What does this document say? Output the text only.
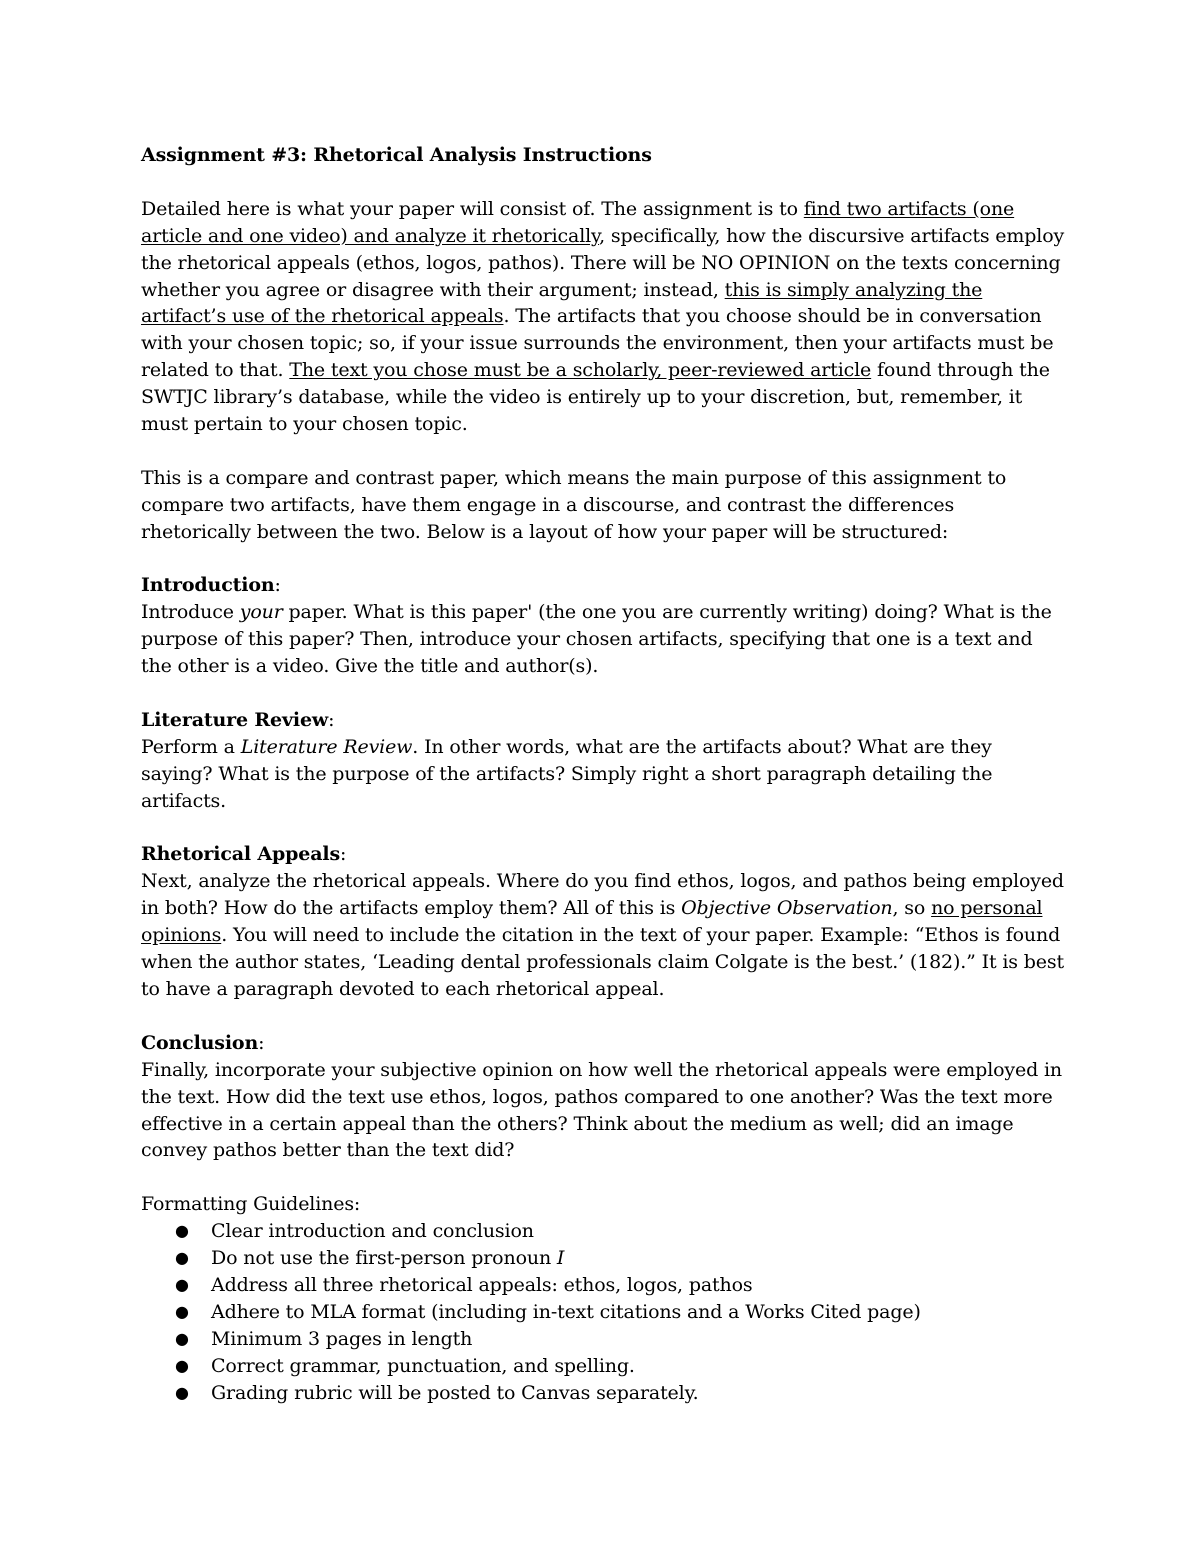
Assignment #3: Rhetorical Analysis Instructions

Detailed here is what your paper will consist of. The assignment is to find two artifacts (one article and one video) and analyze it rhetorically, specifically, how the discursive artifacts employ the rhetorical appeals (ethos, logos, pathos). There will be NO OPINION on the texts concerning whether you agree or disagree with their argument; instead, this is simply analyzing the artifact’s use of the rhetorical appeals. The artifacts that you choose should be in conversation with your chosen topic; so, if your issue surrounds the environment, then your artifacts must be related to that. The text you chose must be a scholarly, peer-reviewed article found through the SWTJC library’s database, while the video is entirely up to your discretion, but, remember, it must pertain to your chosen topic.

This is a compare and contrast paper, which means the main purpose of this assignment to compare two artifacts, have them engage in a discourse, and contrast the differences rhetorically between the two. Below is a layout of how your paper will be structured:

Introduction:
Introduce your paper. What is this paper' (the one you are currently writing) doing? What is the purpose of this paper? Then, introduce your chosen artifacts, specifying that one is a text and the other is a video. Give the title and author(s).
Literature Review:
Perform a Literature Review. In other words, what are the artifacts about? What are they saying? What is the purpose of the artifacts? Simply right a short paragraph detailing the artifacts.
Rhetorical Appeals:
Next, analyze the rhetorical appeals. Where do you find ethos, logos, and pathos being employed in both? How do the artifacts employ them? All of this is Objective Observation, so no personal opinions. You will need to include the citation in the text of your paper. Example: “Ethos is found when the author states, ‘Leading dental professionals claim Colgate is the best.’ (182).” It is best to have a paragraph devoted to each rhetorical appeal.
Conclusion:
Finally, incorporate your subjective opinion on how well the rhetorical appeals were employed in the text. How did the text use ethos, logos, pathos compared to one another? Was the text more effective in a certain appeal than the others? Think about the medium as well; did an image convey pathos better than the text did?
Formatting Guidelines:
● Clear introduction and conclusion
● Do not use the first-person pronoun I
● Address all three rhetorical appeals: ethos, logos, pathos
● Adhere to MLA format (including in-text citations and a Works Cited page)
● Minimum 3 pages in length
● Correct grammar, punctuation, and spelling.
● Grading rubric will be posted to Canvas separately.
